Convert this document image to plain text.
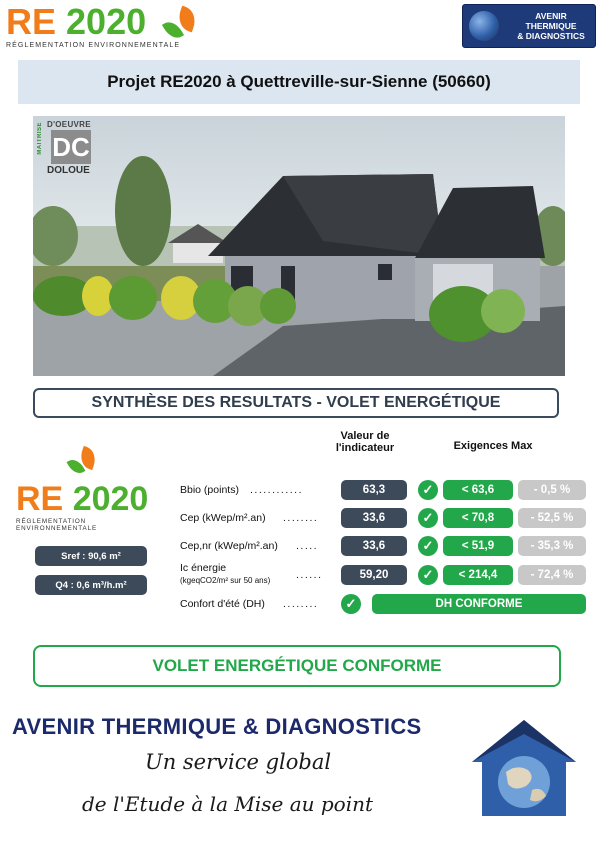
RE 2020
RÉGLEMENTATION ENVIRONNEMENTALE
AVENIR
THERMIQUE
& DIAGNOSTICS
Projet RE2020 à Quettreville-sur-Sienne (50660)
MAITRISE D'OEUVRE
DC
DOLOUE
SYNTHÈSE DES RESULTATS - VOLET ENERGÉTIQUE
Valeur de
l'indicateur	Exigences Max
RE 2020
RÉGLEMENTATION ENVIRONNEMENTALE
Sref : 90,6 m²
Q4 : 0,6 m³/h.m²
Bbio (points) ............	63,3	✓	< 63,6	- 0,5 %
Cep (kWep/m².an) ........	33,6	✓	< 70,8	- 52,5 %
Cep,nr (kWep/m².an) .....	33,6	✓	< 51,9	- 35,3 %
Ic énergie
(kgeqCO2/m² sur 50 ans) ......	59,20	✓	< 214,4	- 72,4 %
Confort d'été (DH) ........	✓	DH CONFORME
VOLET ENERGÉTIQUE CONFORME
AVENIR THERMIQUE & DIAGNOSTICS
Un service global
de l'Etude à la Mise au point
